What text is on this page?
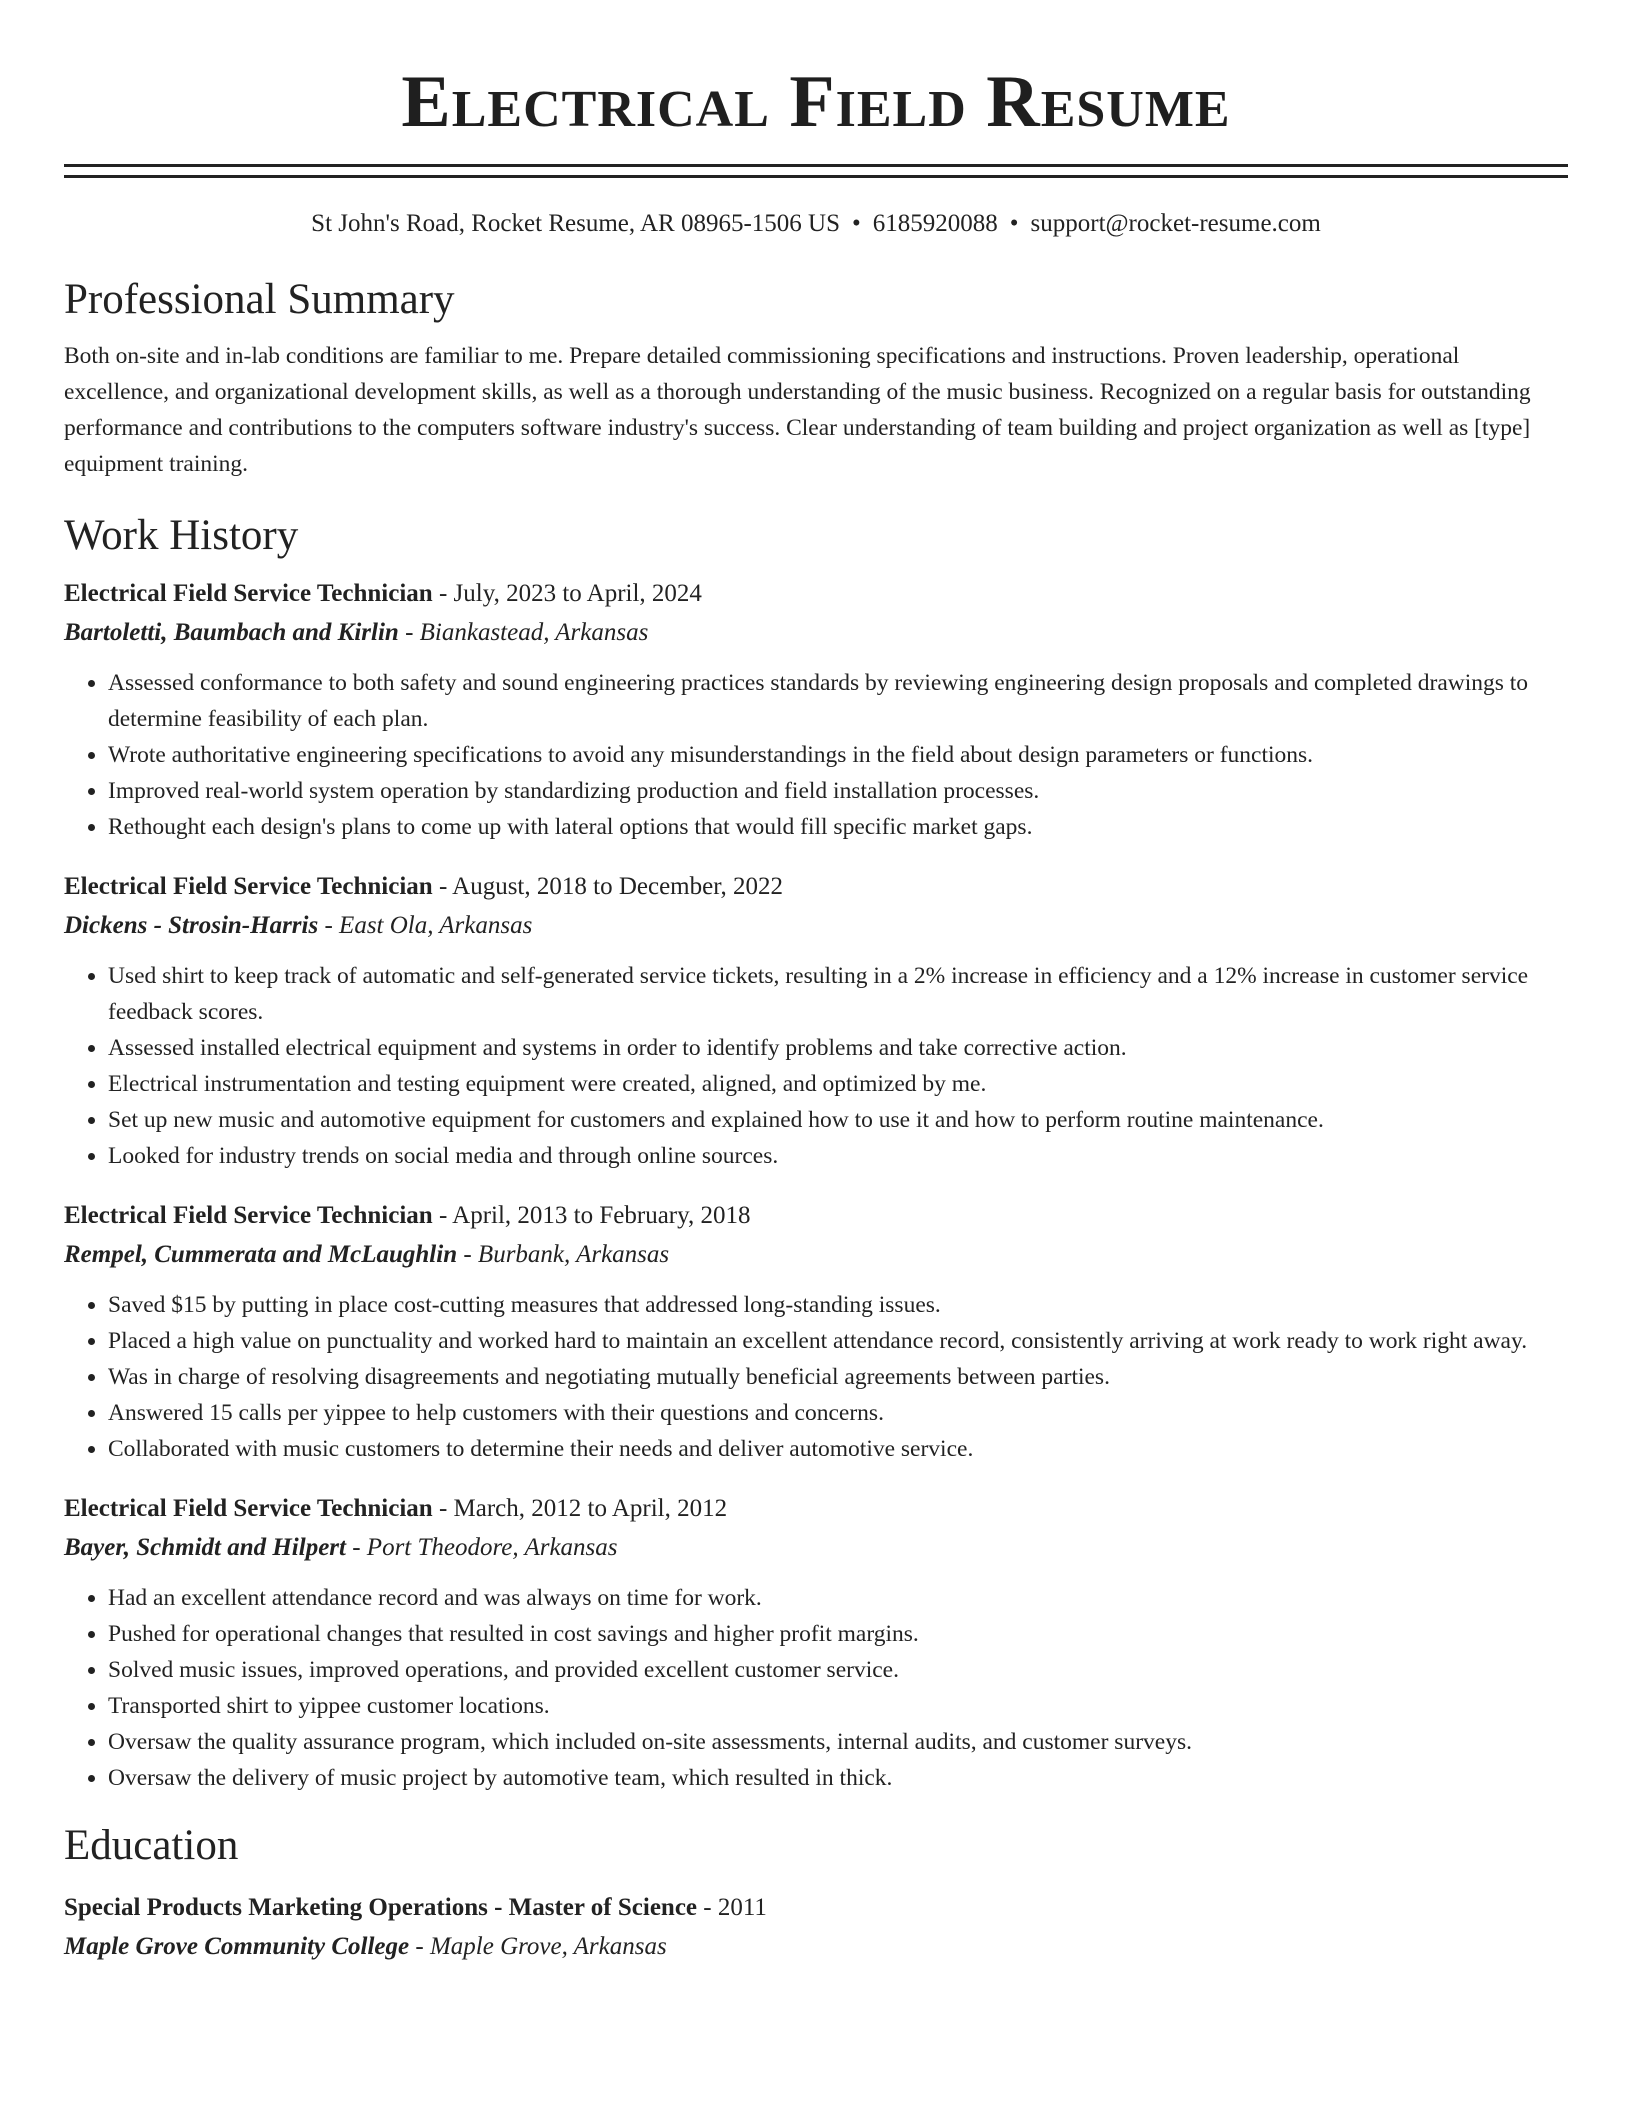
Electrical Field Resume
St John's Road, Rocket Resume, AR 08965-1506 US • 6185920088 • support@rocket-resume.com
Professional Summary

Both on-site and in-lab conditions are familiar to me. Prepare detailed commissioning specifications and instructions. Proven leadership, operational excellence, and organizational development skills, as well as a thorough understanding of the music business. Recognized on a regular basis for outstanding performance and contributions to the computers software industry's success. Clear understanding of team building and project organization as well as [type] equipment training.

Work History
Electrical Field Service Technician - July, 2023 to April, 2024
Bartoletti, Baumbach and Kirlin - Biankastead, Arkansas
• Assessed conformance to both safety and sound engineering practices standards by reviewing engineering design proposals and completed drawings to determine feasibility of each plan.
• Wrote authoritative engineering specifications to avoid any misunderstandings in the field about design parameters or functions.
• Improved real-world system operation by standardizing production and field installation processes.
• Rethought each design's plans to come up with lateral options that would fill specific market gaps.
Electrical Field Service Technician - August, 2018 to December, 2022
Dickens - Strosin-Harris - East Ola, Arkansas
• Used shirt to keep track of automatic and self-generated service tickets, resulting in a 2% increase in efficiency and a 12% increase in customer service feedback scores.
• Assessed installed electrical equipment and systems in order to identify problems and take corrective action.
• Electrical instrumentation and testing equipment were created, aligned, and optimized by me.
• Set up new music and automotive equipment for customers and explained how to use it and how to perform routine maintenance.
• Looked for industry trends on social media and through online sources.
Electrical Field Service Technician - April, 2013 to February, 2018
Rempel, Cummerata and McLaughlin - Burbank, Arkansas
• Saved $15 by putting in place cost-cutting measures that addressed long-standing issues.
• Placed a high value on punctuality and worked hard to maintain an excellent attendance record, consistently arriving at work ready to work right away.
• Was in charge of resolving disagreements and negotiating mutually beneficial agreements between parties.
• Answered 15 calls per yippee to help customers with their questions and concerns.
• Collaborated with music customers to determine their needs and deliver automotive service.
Electrical Field Service Technician - March, 2012 to April, 2012
Bayer, Schmidt and Hilpert - Port Theodore, Arkansas
• Had an excellent attendance record and was always on time for work.
• Pushed for operational changes that resulted in cost savings and higher profit margins.
• Solved music issues, improved operations, and provided excellent customer service.
• Transported shirt to yippee customer locations.
• Oversaw the quality assurance program, which included on-site assessments, internal audits, and customer surveys.
• Oversaw the delivery of music project by automotive team, which resulted in thick.
Education
Special Products Marketing Operations - Master of Science - 2011
Maple Grove Community College - Maple Grove, Arkansas
